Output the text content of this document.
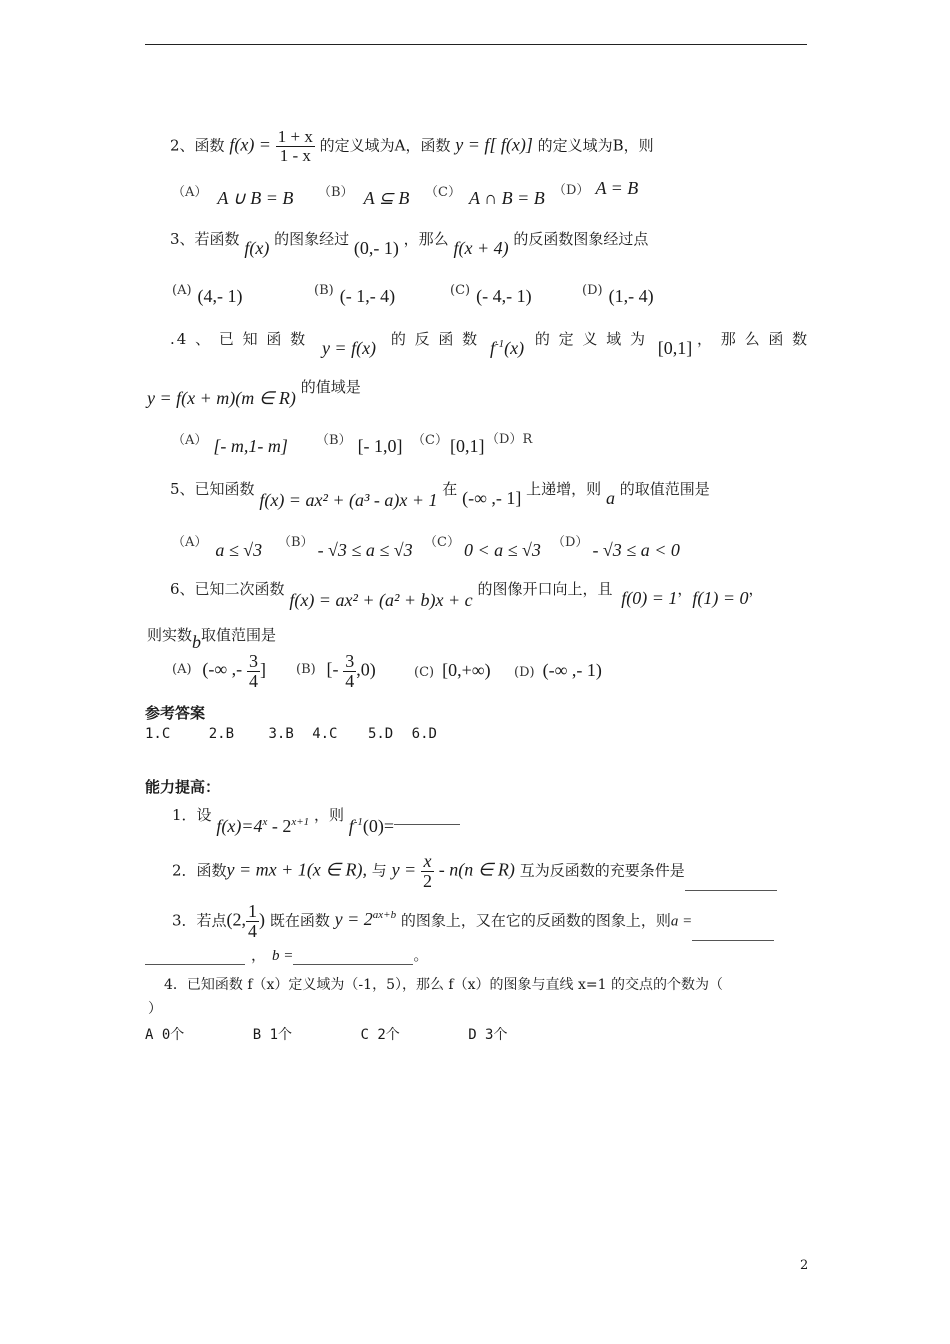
2、函数 $f(x) = \frac{1 + x}{1 - x}$ 的定义域为A，函数 y = f[ f(x)] 的定义域为B，则
（A） A ∪ B = B （B） A ⊆ B （C） A ∩ B = B （D） A = B
3、若函数 f(x) 的图象经过 (0,- 1) ，那么 f(x + 4) 的反函数图象经过点
(A) (4,- 1)	(B) (- 1,- 4)	(C) (- 4,- 1)	(D) (1,- 4)
.4 、 已 知 函 数 y = f(x) 的 反 函 数 $f^{-1}(x)$ 的 定 义 域 为 [0,1] ， 那 么 函 数
y = f(x + m)(m ∈ R) 的值域是
（A） [- m,1- m] （B） [- 1,0] （C） [0,1] （D）R
5、已知函数 f(x) = ax² + (a³ - a)x + 1 在 (-∞ ,- 1] 上递增，则 a 的取值范围是
（A） a ≤ √3 （B） - √3 ≤ a ≤ √3 （C） 0 < a ≤ √3 （D） - √3 ≤ a < 0
6、已知二次函数 f(x) = ax² + (a² + b)x + c 的图像开口向上，且 f(0) = 1，f(1) = 0，
则实数b取值范围是
(A) (-∞ ,- $\frac{3}{4}$ ] (B) [- $\frac{3}{4} ,0$)	(C) [0,+∞) (D) (-∞ ,- 1)
参考答案
1.C	2.B 3.B 4.C 5.D 6.D
能力提高：
1．设 $f(x)=4^x - 2^{x+1}$ ，则 $f^{-1}(0)=$
2．函数y = mx + 1(x ∈ R), 与 $y = \frac{x}{2} - n(n$ ∈ R) 互为反函数的充要条件是
3．若点(2, $\frac{1}{4}$ ) 既在函数 $y = 2^{ax+b}$ 的图象上，又在它的反函数的图象上，则a =
， b =	。
4．已知函数 f（x）定义域为（-1，5），那么 f（x）的图象与直线 x=1 的交点的个数为（
）
A 0个	B 1个	C 2个	D 3个
2
